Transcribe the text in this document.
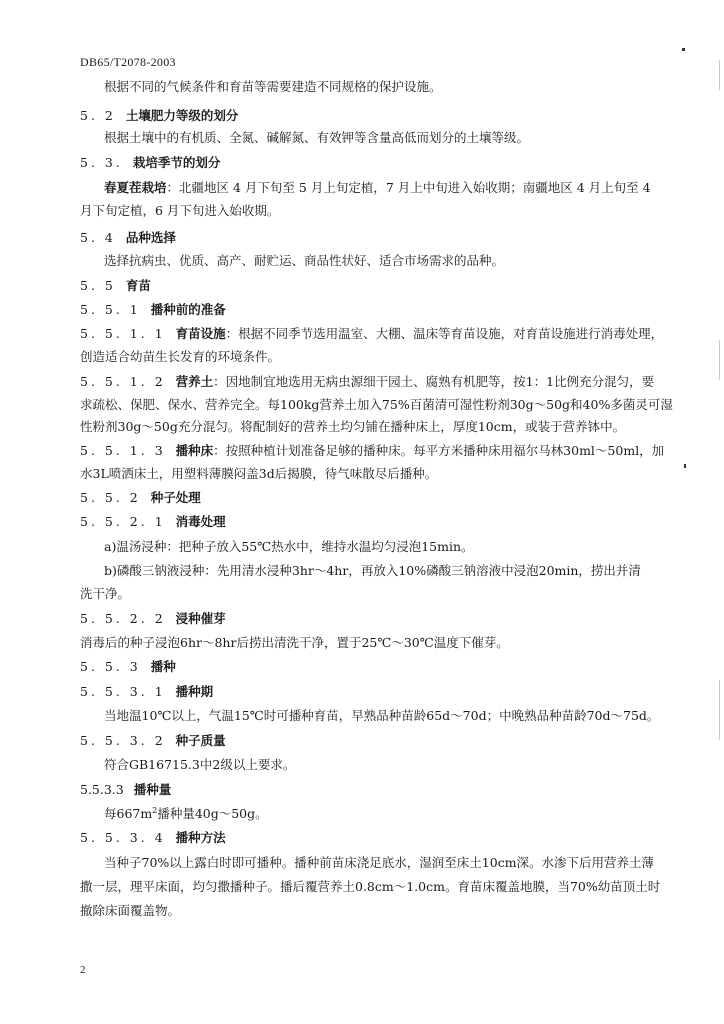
DB65/T2078-2003
根据不同的气候条件和育苗等需要建造不同规格的保护设施。
5. 2 土壤肥力等级的划分
根据土壤中的有机质、全氮、碱解氮、有效钾等含量高低而划分的土壤等级。
5. 3. 栽培季节的划分
春夏茬栽培：北疆地区 4 月下旬至 5 月上旬定植，7 月上中旬进入始收期；南疆地区 4 月上旬至 4
月下旬定植，6 月下旬进入始收期。
5. 4 品种选择
选择抗病虫、优质、高产、耐贮运、商品性状好、适合市场需求的品种。
5. 5 育苗
5. 5. 1 播种前的准备
5. 5. 1. 1 育苗设施：根据不同季节选用温室、大棚、温床等育苗设施，对育苗设施进行消毒处理，
创造适合幼苗生长发育的环境条件。
5. 5. 1. 2 营养土：因地制宜地选用无病虫源细干园土、腐熟有机肥等，按1：1比例充分混匀，要
求疏松、保肥、保水、营养完全。每100kg营养土加入75%百菌清可湿性粉剂30g～50g和40%多菌灵可湿
性粉剂30g～50g充分混匀。将配制好的营养土均匀铺在播种床上，厚度10cm，或装于营养钵中。
5. 5. 1. 3 播种床：按照种植计划准备足够的播种床。每平方米播种床用福尔马林30ml～50ml，加
水3L喷洒床土，用塑料薄膜闷盖3d后揭膜，待气味散尽后播种。
5. 5. 2 种子处理
5. 5. 2. 1 消毒处理
a)温汤浸种：把种子放入55℃热水中，维持水温均匀浸泡15min。
b)磷酸三钠液浸种：先用清水浸种3hr～4hr，再放入10%磷酸三钠溶液中浸泡20min，捞出并清
洗干净。
5. 5. 2. 2 浸种催芽
消毒后的种子浸泡6hr～8hr后捞出清洗干净，置于25℃～30℃温度下催芽。
5. 5. 3 播种
5. 5. 3. 1 播种期
当地温10℃以上，气温15℃时可播种育苗，早熟品种苗龄65d～70d；中晚熟品种苗龄70d～75d。
5. 5. 3. 2 种子质量
符合GB16715.3中2级以上要求。
5.5.3.3 播种量
每$667m^2$播种量40g～50g。
5. 5. 3. 4 播种方法
当种子70%以上露白时即可播种。播种前苗床浇足底水，湿润至床土10cm深。水渗下后用营养土薄
撒一层，理平床面，均匀撒播种子。播后覆营养土0.8cm～1.0cm。育苗床覆盖地膜，当70%幼苗顶土时
撤除床面覆盖物。
2
